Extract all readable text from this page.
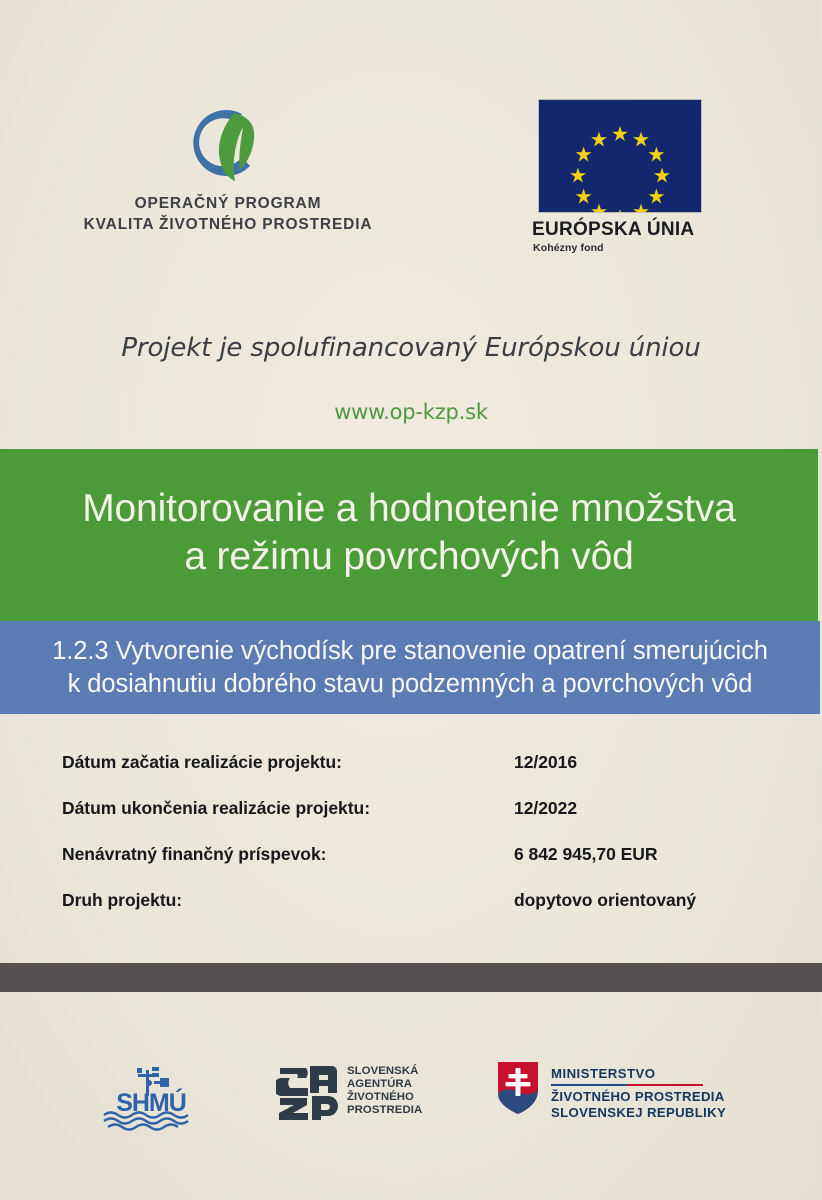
OPERAČNÝ PROGRAM
KVALITA ŽIVOTNÉHO PROSTREDIA	EURÓPSKA ÚNIA
Kohézny fond
Projekt je spolufinancovaný Európskou úniou
www.op-kzp.sk
Monitorovanie a hodnotenie množstva
a režimu povrchových vôd
1.2.3 Vytvorenie východísk pre stanovenie opatrení smerujúcich
k dosiahnutiu dobrého stavu podzemných a povrchových vôd
Dátum začatia realizácie projektu:	12/2016
Dátum ukončenia realizácie projektu:	12/2022
Nenávratný finančný príspevok:	6 842 945,70 EUR
Druh projektu:	dopytovo orientovaný
SHMÚ
SLOVENSKÁ
AGENTÚRA
ŽIVOTNÉHO
PROSTREDIA
MINISTERSTVO
ŽIVOTNÉHO PROSTREDIA
SLOVENSKEJ REPUBLIKY
